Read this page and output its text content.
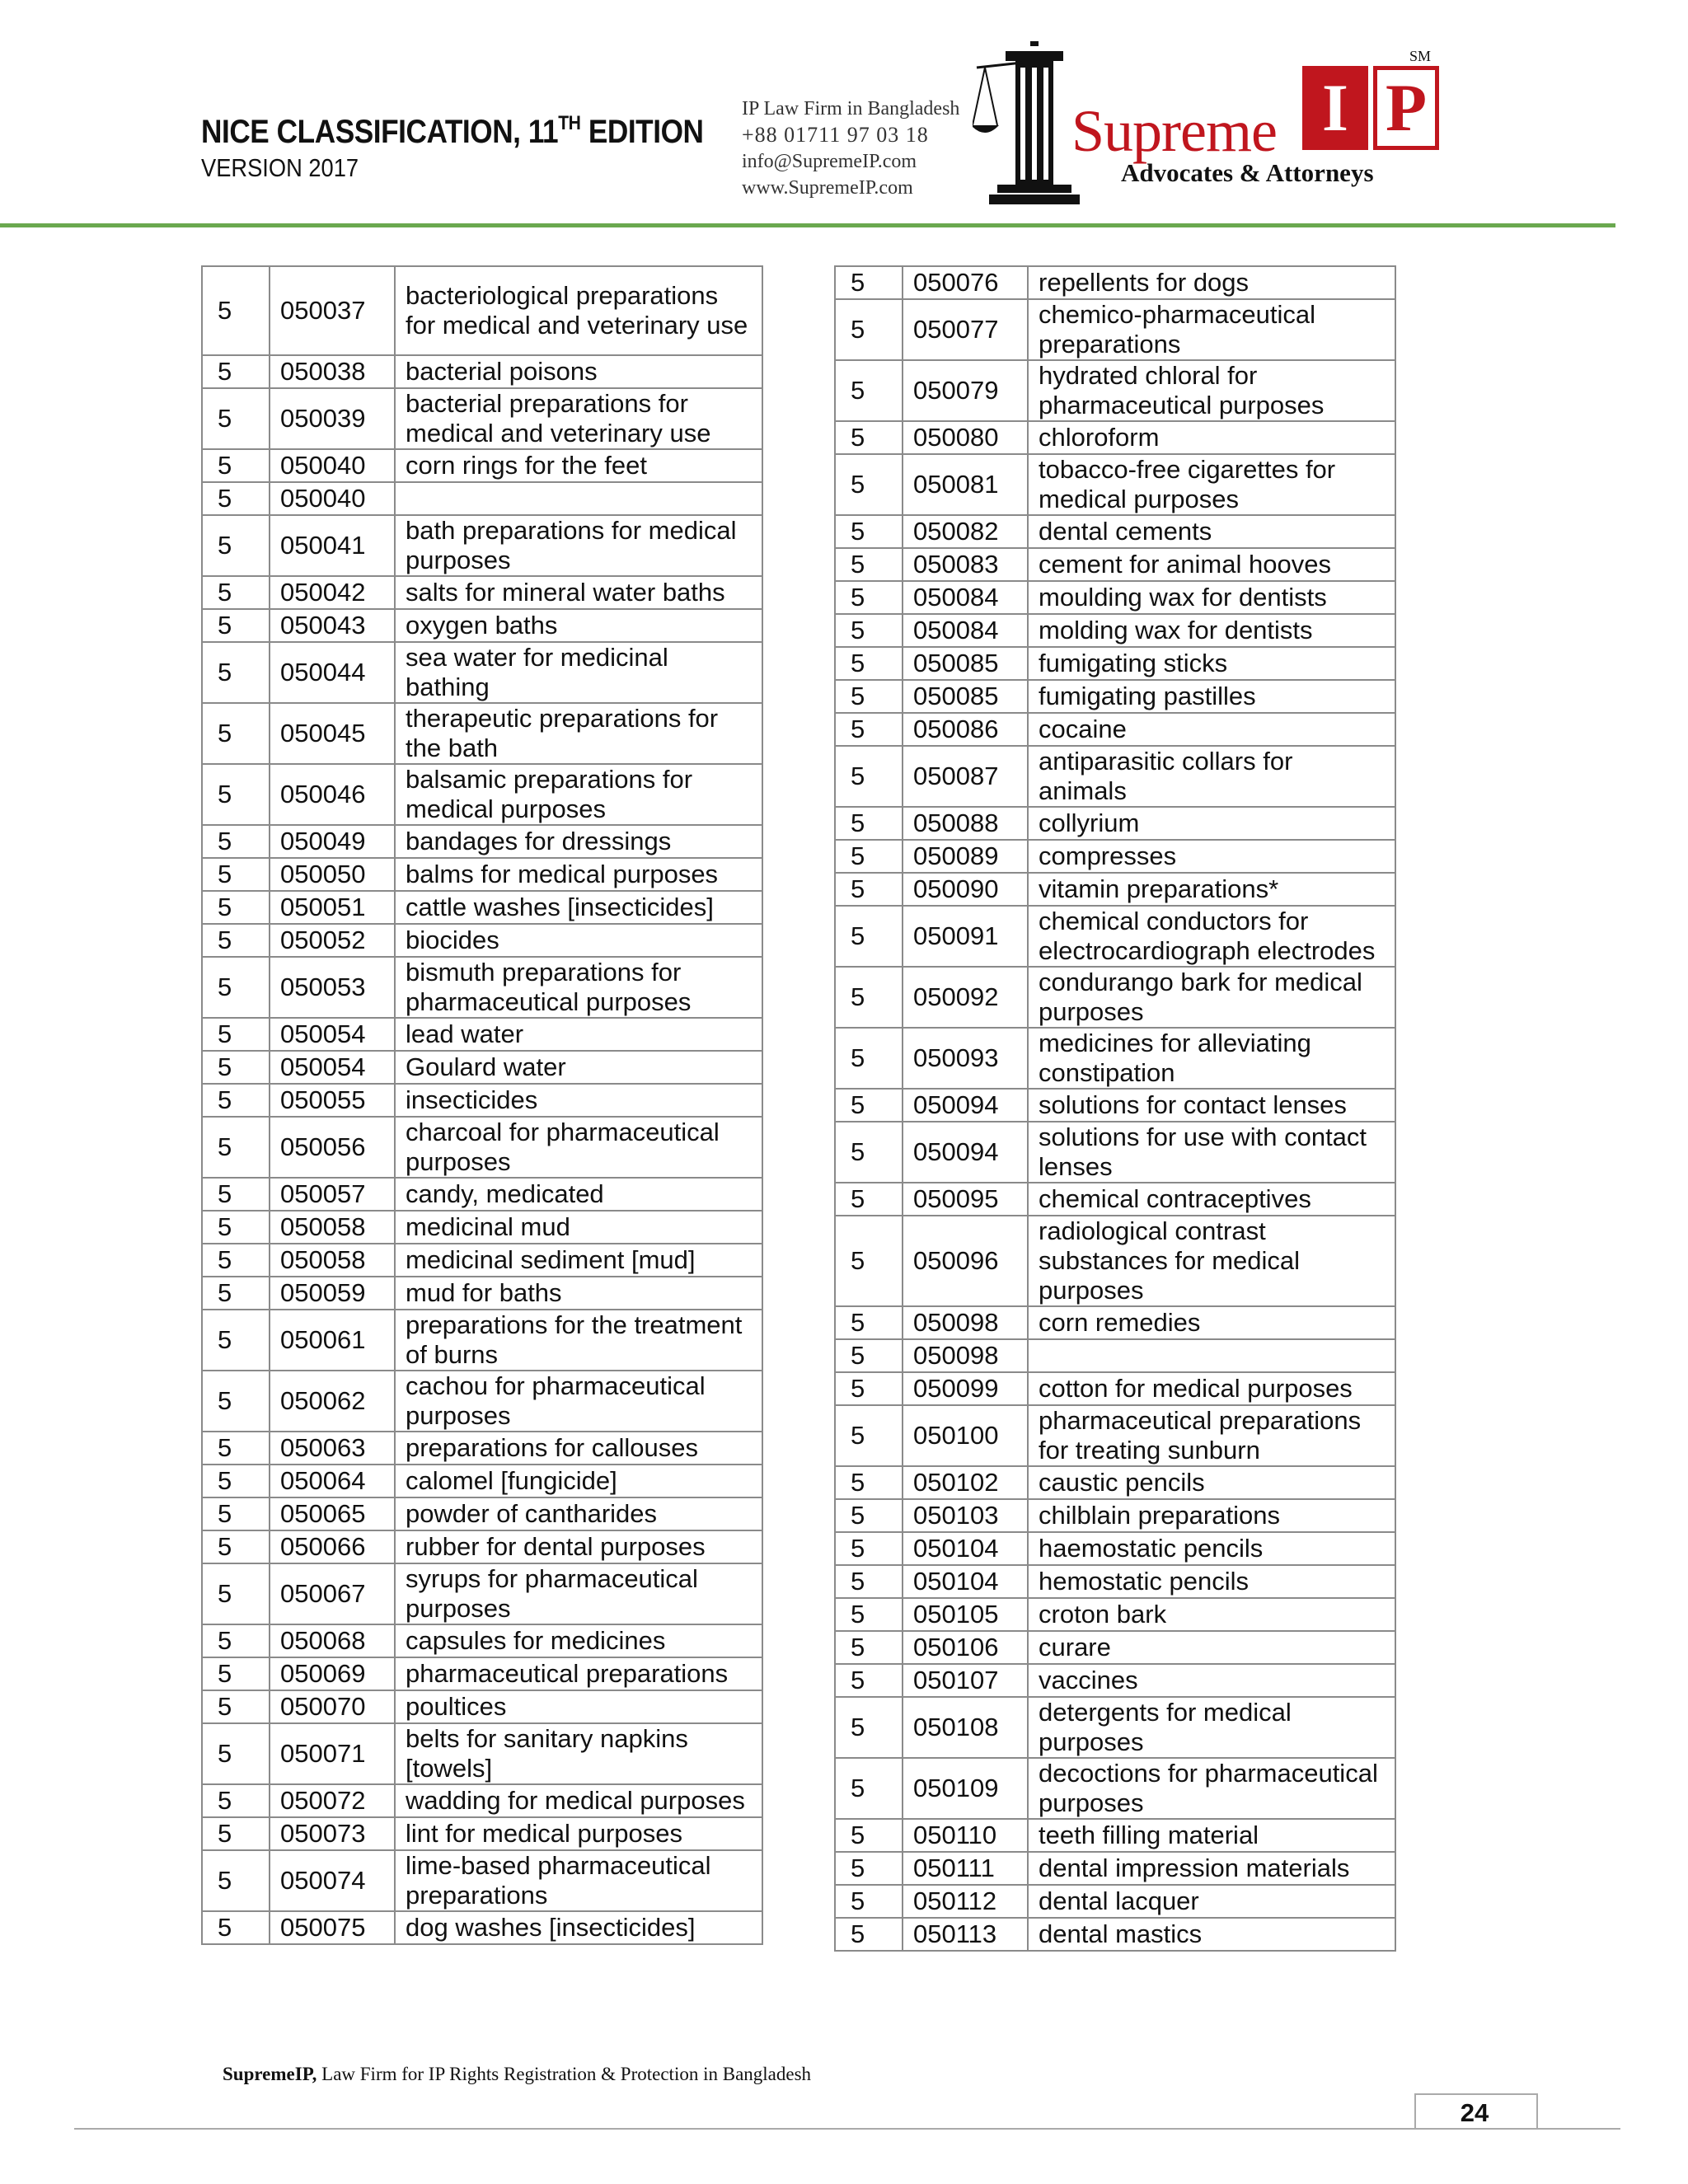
NICE CLASSIFICATION, 11TH EDITION
VERSION 2017
IP Law Firm in Bangladesh
+88 01711 97 03 18
info@SupremeIP.com
www.SupremeIP.com
Supreme I P
SM
Advocates & Attorneys
5	050037	bacteriological preparations for medical and veterinary use
5	050038	bacterial poisons
5	050039	bacterial preparations for medical and veterinary use
5	050040	corn rings for the feet
5	050040	
5	050041	bath preparations for medical purposes
5	050042	salts for mineral water baths
5	050043	oxygen baths
5	050044	sea water for medicinal bathing
5	050045	therapeutic preparations for the bath
5	050046	balsamic preparations for medical purposes
5	050049	bandages for dressings
5	050050	balms for medical purposes
5	050051	cattle washes [insecticides]
5	050052	biocides
5	050053	bismuth preparations for pharmaceutical purposes
5	050054	lead water
5	050054	Goulard water
5	050055	insecticides
5	050056	charcoal for pharmaceutical purposes
5	050057	candy, medicated
5	050058	medicinal mud
5	050058	medicinal sediment [mud]
5	050059	mud for baths
5	050061	preparations for the treatment of burns
5	050062	cachou for pharmaceutical purposes
5	050063	preparations for callouses
5	050064	calomel [fungicide]
5	050065	powder of cantharides
5	050066	rubber for dental purposes
5	050067	syrups for pharmaceutical purposes
5	050068	capsules for medicines
5	050069	pharmaceutical preparations
5	050070	poultices
5	050071	belts for sanitary napkins [towels]
5	050072	wadding for medical purposes
5	050073	lint for medical purposes
5	050074	lime-based pharmaceutical preparations
5	050075	dog washes [insecticides]
5	050076	repellents for dogs
5	050077	chemico-pharmaceutical preparations
5	050079	hydrated chloral for pharmaceutical purposes
5	050080	chloroform
5	050081	tobacco-free cigarettes for medical purposes
5	050082	dental cements
5	050083	cement for animal hooves
5	050084	moulding wax for dentists
5	050084	molding wax for dentists
5	050085	fumigating sticks
5	050085	fumigating pastilles
5	050086	cocaine
5	050087	antiparasitic collars for animals
5	050088	collyrium
5	050089	compresses
5	050090	vitamin preparations*
5	050091	chemical conductors for electrocardiograph electrodes
5	050092	condurango bark for medical purposes
5	050093	medicines for alleviating constipation
5	050094	solutions for contact lenses
5	050094	solutions for use with contact lenses
5	050095	chemical contraceptives
5	050096	radiological contrast substances for medical purposes
5	050098	corn remedies
5	050098	
5	050099	cotton for medical purposes
5	050100	pharmaceutical preparations for treating sunburn
5	050102	caustic pencils
5	050103	chilblain preparations
5	050104	haemostatic pencils
5	050104	hemostatic pencils
5	050105	croton bark
5	050106	curare
5	050107	vaccines
5	050108	detergents for medical purposes
5	050109	decoctions for pharmaceutical purposes
5	050110	teeth filling material
5	050111	dental impression materials
5	050112	dental lacquer
5	050113	dental mastics
SupremeIP, Law Firm for IP Rights Registration & Protection in Bangladesh
24
